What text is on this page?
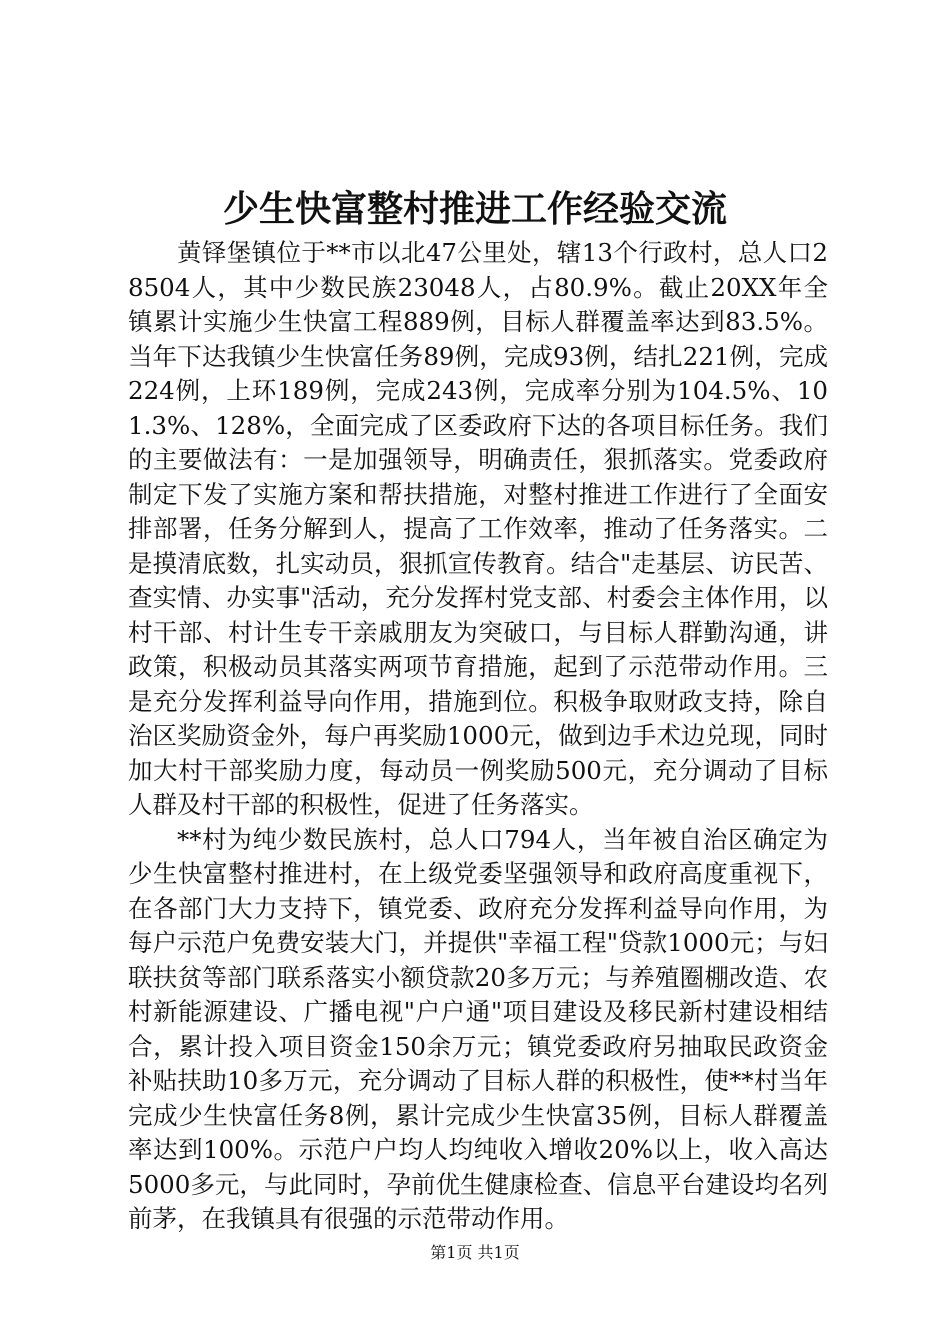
少生快富整村推进工作经验交流

黄铎堡镇位于**市以北47公里处，辖13个行政村，总人口28504人，其中少数民族23048人，占80.9%。截止20XX年全镇累计实施少生快富工程889例，目标人群覆盖率达到83.5%。当年下达我镇少生快富任务89例，完成93例，结扎221例，完成224例，上环189例，完成243例，完成率分别为104.5%、101.3%、128%，全面完成了区委政府下达的各项目标任务。我们的主要做法有：一是加强领导，明确责任，狠抓落实。党委政府制定下发了实施方案和帮扶措施，对整村推进工作进行了全面安排部署，任务分解到人，提高了工作效率，推动了任务落实。二是摸清底数，扎实动员，狠抓宣传教育。结合"走基层、访民苦、查实情、办实事"活动，充分发挥村党支部、村委会主体作用，以村干部、村计生专干亲戚朋友为突破口，与目标人群勤沟通，讲政策，积极动员其落实两项节育措施，起到了示范带动作用。三是充分发挥利益导向作用，措施到位。积极争取财政支持，除自治区奖励资金外，每户再奖励1000元，做到边手术边兑现，同时加大村干部奖励力度，每动员一例奖励500元，充分调动了目标人群及村干部的积极性，促进了任务落实。

**村为纯少数民族村，总人口794人，当年被自治区确定为少生快富整村推进村，在上级党委坚强领导和政府高度重视下，在各部门大力支持下，镇党委、政府充分发挥利益导向作用，为每户示范户免费安装大门，并提供"幸福工程"贷款1000元；与妇联扶贫等部门联系落实小额贷款20多万元；与养殖圈棚改造、农村新能源建设、广播电视"户户通"项目建设及移民新村建设相结合，累计投入项目资金150余万元；镇党委政府另抽取民政资金补贴扶助10多万元，充分调动了目标人群的积极性，使**村当年完成少生快富任务8例，累计完成少生快富35例，目标人群覆盖率达到100%。示范户户均人均纯收入增收20%以上，收入高达5000多元，与此同时，孕前优生健康检查、信息平台建设均名列前茅，在我镇具有很强的示范带动作用。

第1页 共1页
